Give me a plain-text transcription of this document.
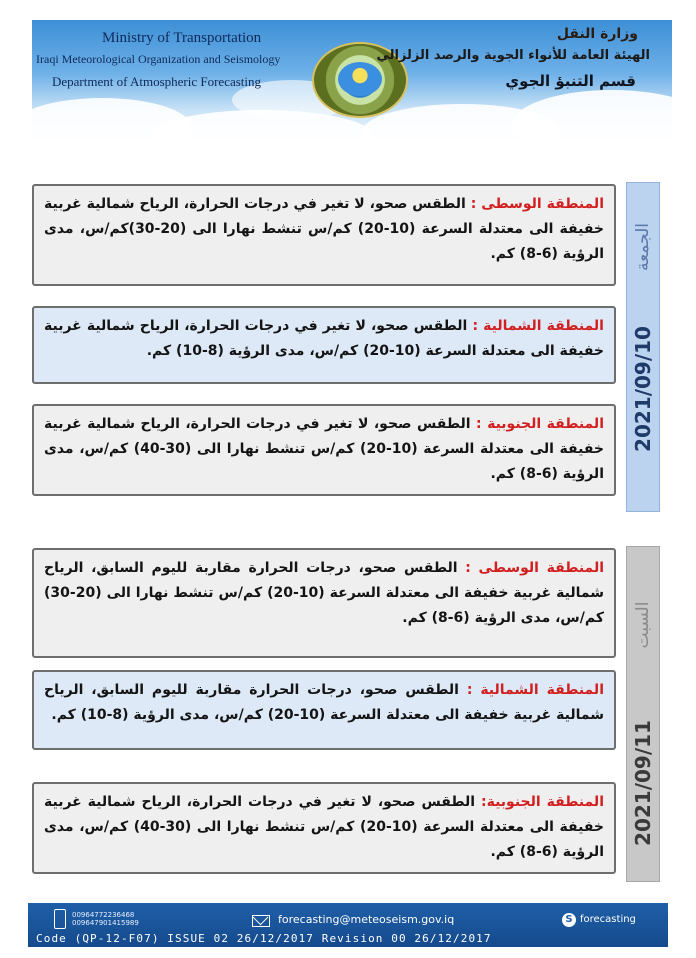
Ministry of Transportation
Iraqi Meteorological Organization and Seismology
Department of Atmospheric Forecasting
وزارة النقل
الهيئة العامة للأنواء الجوية والرصد الزلزالي
قسم التنبؤ الجوي
الجمعة
2021/09/10
المنطقة الوسطى : الطقس صحو، لا تغير في درجات الحرارة، الرياح شمالية غربية خفيفة الى معتدلة السرعة (10-20) كم/س تنشط نهارا الى (20-30)كم/س، مدى الرؤية (6-8) كم.
المنطقة الشمالية : الطقس صحو، لا تغير في درجات الحرارة، الرياح شمالية غربية خفيفة الى معتدلة السرعة (10-20) كم/س، مدى الرؤية (8-10) كم.
المنطقة الجنوبية : الطقس صحو، لا تغير في درجات الحرارة، الرياح شمالية غربية خفيفة الى معتدلة السرعة (10-20) كم/س تنشط نهارا الى (30-40) كم/س، مدى الرؤية (6-8) كم.
السبت
2021/09/11
المنطقة الوسطى : الطقس صحو، درجات الحرارة مقاربة لليوم السابق، الرياح شمالية غربية خفيفة الى معتدلة السرعة (10-20) كم/س تنشط نهارا الى (20-30) كم/س، مدى الرؤية (6-8) كم.
المنطقة الشمالية : الطقس صحو، درجات الحرارة مقاربة لليوم السابق، الرياح شمالية غربية خفيفة الى معتدلة السرعة (10-20) كم/س، مدى الرؤية (8-10) كم.
المنطقة الجنوبية: الطقس صحو، لا تغير في درجات الحرارة، الرياح شمالية غربية خفيفة الى معتدلة السرعة (10-20) كم/س تنشط نهارا الى (30-40) كم/س، مدى الرؤية (6-8) كم.
009647722364​68
009647901415989	forecasting@meteoseism.gov.iq	S forecasting
Code (QP-12-F07) ISSUE 02 26/12/2017 Revision 00 26/12/2017
